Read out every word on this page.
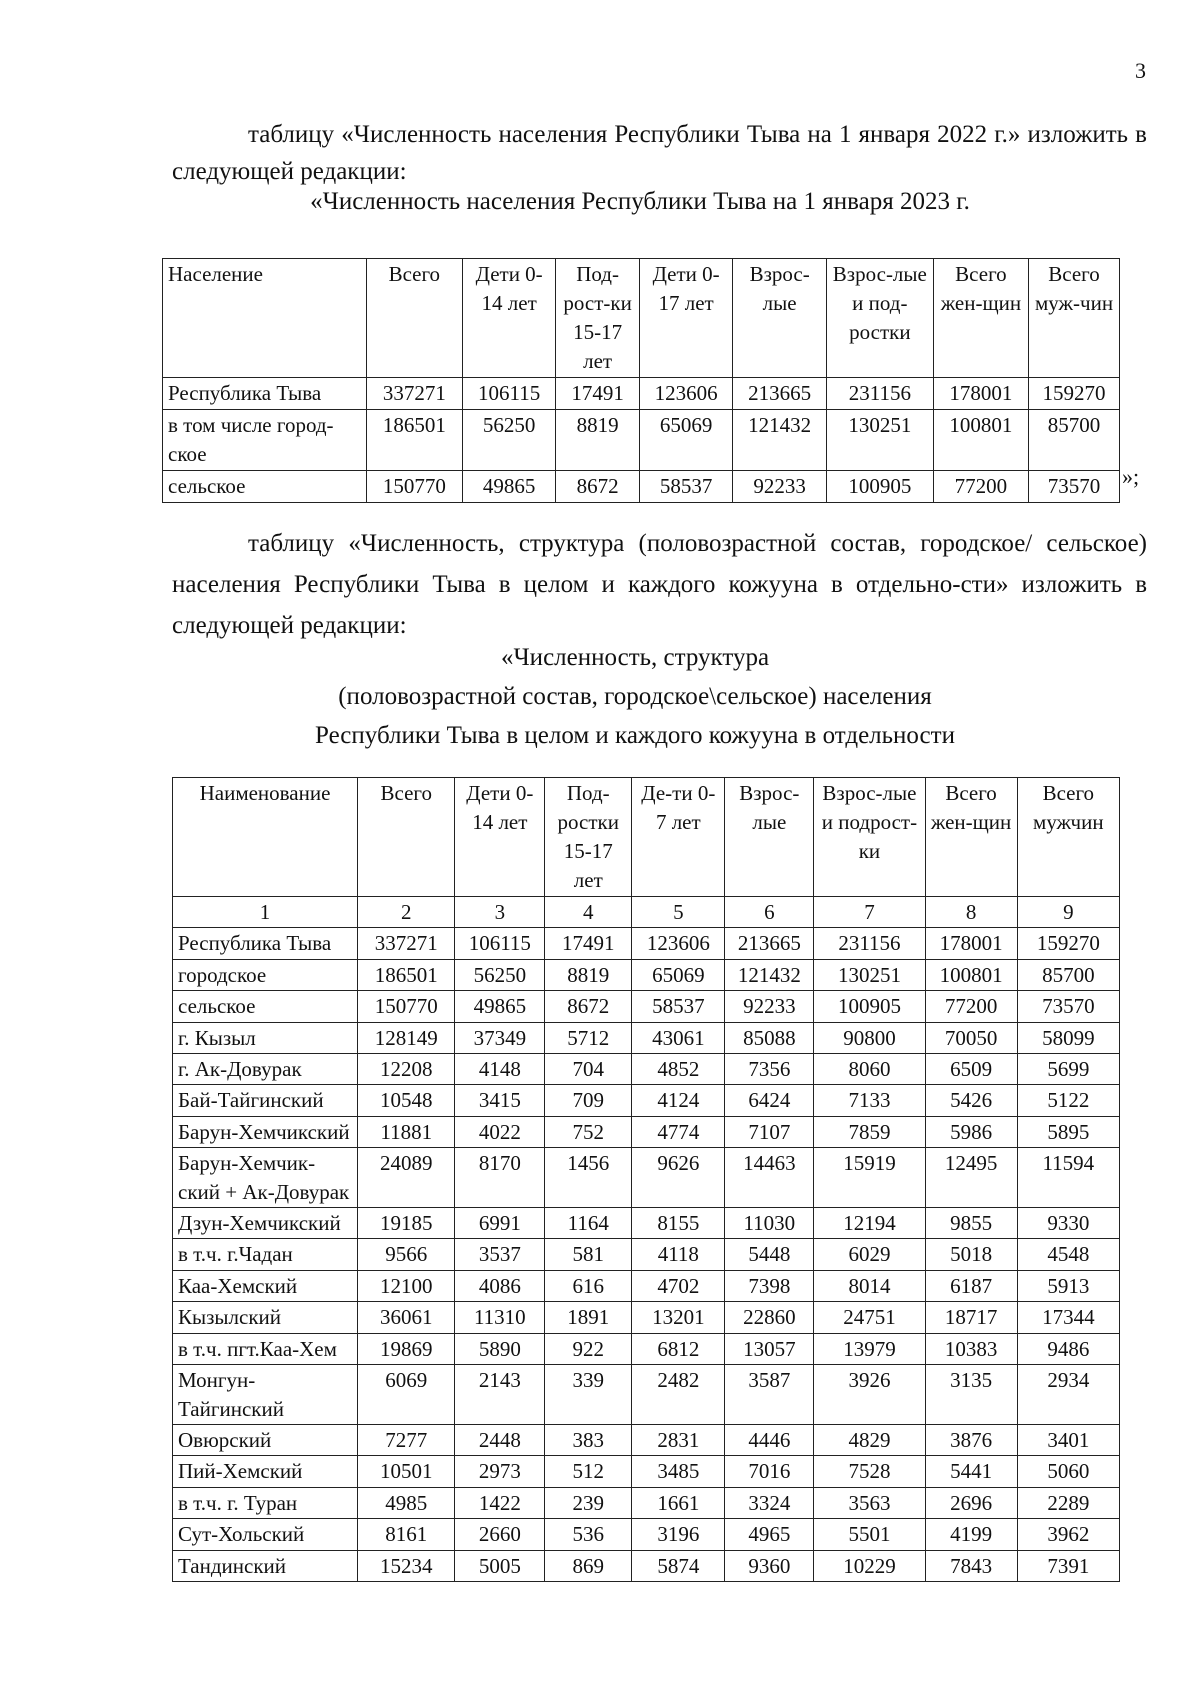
3
таблицу «Численность населения Республики Тыва на 1 января 2022 г.» изложить в следующей редакции:
«Численность населения Республики Тыва на 1 января 2023 г.
Население	Всего	Дети 0-14 лет	Под-рост-ки 15-17 лет	Дети 0-17 лет	Взрос-лые	Взрос-лые и под-ростки	Всего жен-щин	Всего муж-чин
Республика Тыва	337271	106115	17491	123606	213665	231156	178001	159270
в том числе город-ское	186501	56250	8819	65069	121432	130251	100801	85700
сельское	150770	49865	8672	58537	92233	100905	77200	73570 »;
таблицу «Численность, структура (половозрастной состав, городское/ сельское) населения Республики Тыва в целом и каждого кожууна в отдельно-сти» изложить в следующей редакции:
«Численность, структура
(половозрастной состав, городское\сельское) населения
Республики Тыва в целом и каждого кожууна в отдельности
Наименование	Всего	Дети 0-14 лет	Под-ростки 15-17 лет	Де-ти 0-7 лет	Взрос-лые	Взрос-лые и подрост-ки	Всего жен-щин	Всего мужчин
1	2	3	4	5	6	7	8	9
Республика Тыва	337271	106115	17491	123606	213665	231156	178001	159270
городское	186501	56250	8819	65069	121432	130251	100801	85700
сельское	150770	49865	8672	58537	92233	100905	77200	73570
г. Кызыл	128149	37349	5712	43061	85088	90800	70050	58099
г. Ак-Довурак	12208	4148	704	4852	7356	8060	6509	5699
Бай-Тайгинский	10548	3415	709	4124	6424	7133	5426	5122
Барун-Хемчикский	11881	4022	752	4774	7107	7859	5986	5895
Барун-Хемчик-ский + Ак-Довурак	24089	8170	1456	9626	14463	15919	12495	11594
Дзун-Хемчикский	19185	6991	1164	8155	11030	12194	9855	9330
в т.ч. г.Чадан	9566	3537	581	4118	5448	6029	5018	4548
Каа-Хемский	12100	4086	616	4702	7398	8014	6187	5913
Кызылский	36061	11310	1891	13201	22860	24751	18717	17344
в т.ч. пгт.Каа-Хем	19869	5890	922	6812	13057	13979	10383	9486
Монгун-Тайгинский	6069	2143	339	2482	3587	3926	3135	2934
Овюрский	7277	2448	383	2831	4446	4829	3876	3401
Пий-Хемский	10501	2973	512	3485	7016	7528	5441	5060
в т.ч. г. Туран	4985	1422	239	1661	3324	3563	2696	2289
Сут-Хольский	8161	2660	536	3196	4965	5501	4199	3962
Тандинский	15234	5005	869	5874	9360	10229	7843	7391
